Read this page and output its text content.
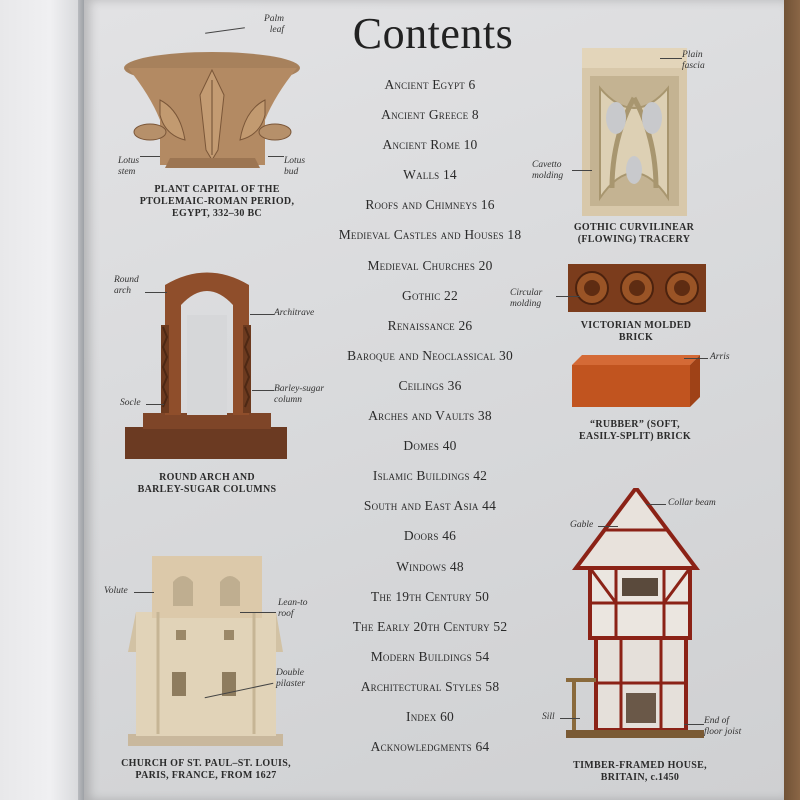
Contents
Ancient Egypt 6
Ancient Greece 8
Ancient Rome 10
Walls 14
Roofs and Chimneys 16
Medieval Castles and Houses 18
Medieval Churches 20
Gothic 22
Renaissance 26
Baroque and Neoclassical 30
Ceilings 36
Arches and Vaults 38
Domes 40
Islamic Buildings 42
South and East Asia 44
Doors 46
Windows 48
The 19th Century 50
The Early 20th Century 52
Modern Buildings 54
Architectural Styles 58
Index 60
Acknowledgments 64
Palm
leaf
Lotus
stem
Lotus
bud
PLANT CAPITAL OF THE
PTOLEMAIC-ROMAN PERIOD,
EGYPT, 332–30 BC
Round
arch
Architrave
Socle
Barley-sugar
column
ROUND ARCH AND
BARLEY-SUGAR COLUMNS
Volute
Lean-to
roof
Double
pilaster
CHURCH OF ST. PAUL–ST. LOUIS,
PARIS, FRANCE, FROM 1627
Plain
fascia
Cavetto
molding
GOTHIC CURVILINEAR
(FLOWING) TRACERY
Circular
molding
VICTORIAN MOLDED
BRICK
Arris
“RUBBER” (SOFT,
EASILY-SPLIT) BRICK
Collar beam
Gable
Sill	End of
floor joist
TIMBER-FRAMED HOUSE,
BRITAIN, c.1450
